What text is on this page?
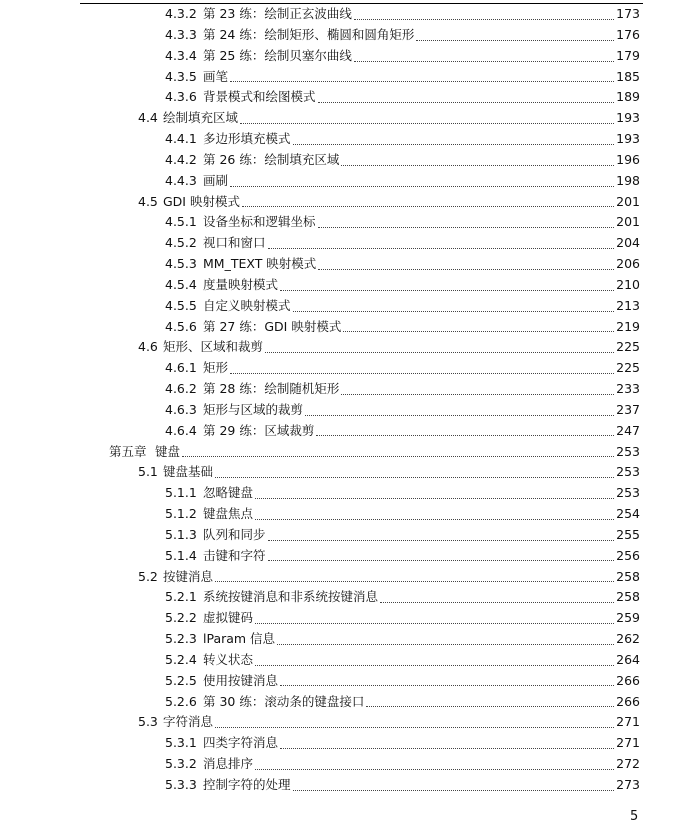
4.3.2 第 23 练：绘制正玄波曲线	173
4.3.3 第 24 练：绘制矩形、椭圆和圆角矩形	176
4.3.4 第 25 练：绘制贝塞尔曲线	179
4.3.5 画笔	185
4.3.6 背景模式和绘图模式	189
4.4 绘制填充区域	193
4.4.1 多边形填充模式	193
4.4.2 第 26 练：绘制填充区域	196
4.4.3 画刷	198
4.5 GDI 映射模式	201
4.5.1 设备坐标和逻辑坐标	201
4.5.2 视口和窗口	204
4.5.3 MM_TEXT 映射模式	206
4.5.4 度量映射模式	210
4.5.5 自定义映射模式	213
4.5.6 第 27 练：GDI 映射模式	219
4.6 矩形、区域和裁剪	225
4.6.1 矩形	225
4.6.2 第 28 练：绘制随机矩形	233
4.6.3 矩形与区域的裁剪	237
4.6.4 第 29 练：区域裁剪	247
第五章 键盘	253
5.1 键盘基础	253
5.1.1 忽略键盘	253
5.1.2 键盘焦点	254
5.1.3 队列和同步	255
5.1.4 击键和字符	256
5.2 按键消息	258
5.2.1 系统按键消息和非系统按键消息	258
5.2.2 虚拟键码	259
5.2.3 lParam 信息	262
5.2.4 转义状态	264
5.2.5 使用按键消息	266
5.2.6 第 30 练：滚动条的键盘接口	266
5.3 字符消息	271
5.3.1 四类字符消息	271
5.3.2 消息排序	272
5.3.3 控制字符的处理	273
5
